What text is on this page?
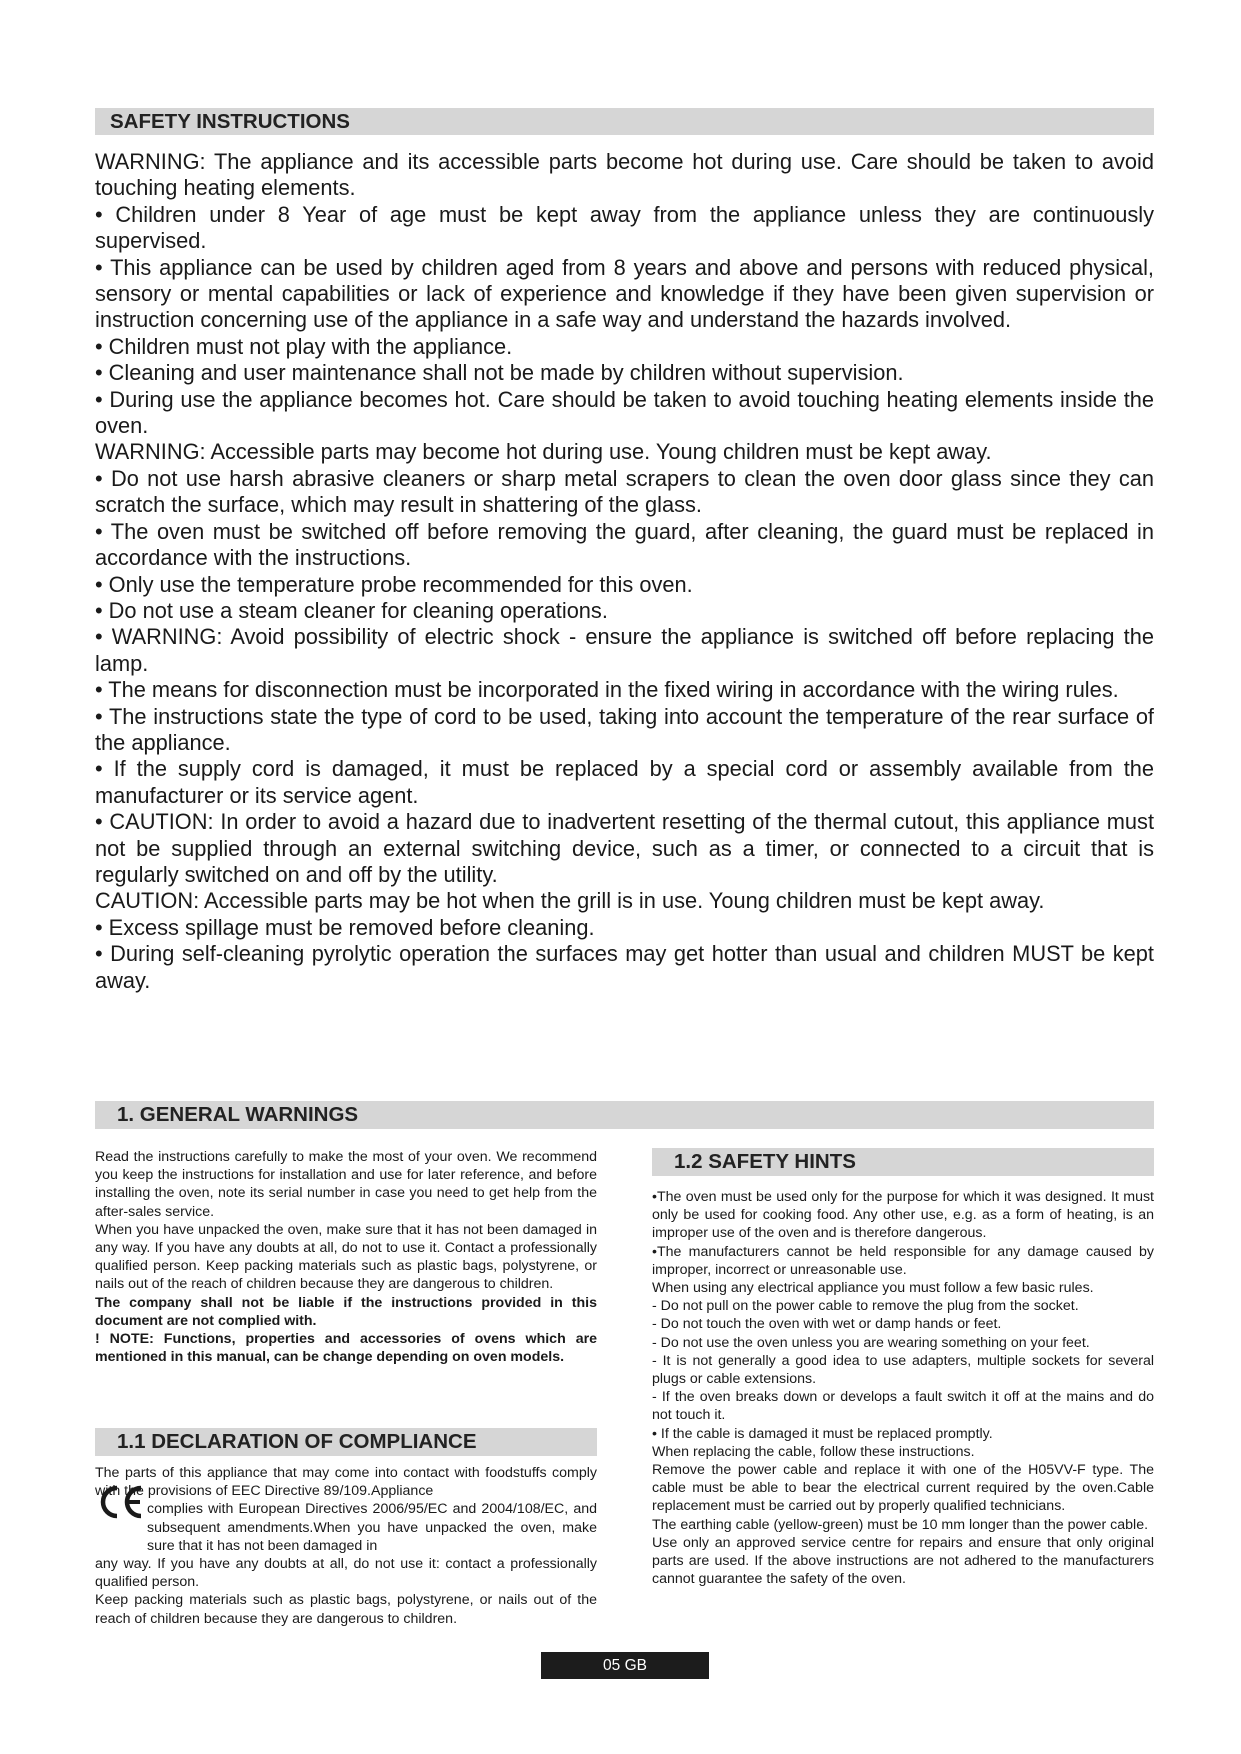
SAFETY INSTRUCTIONS

WARNING: The appliance and its accessible parts become hot during use. Care should be taken to avoid touching heating elements.

• Children under 8 Year of age must be kept away from the appliance unless they are continuously supervised.

• This appliance can be used by children aged from 8 years and above and persons with reduced physical, sensory or mental capabilities or lack of experience and knowledge if they have been given supervision or instruction concerning use of the appliance in a safe way and understand the hazards involved.

• Children must not play with the appliance.

• Cleaning and user maintenance shall not be made by children without supervision.

• During use the appliance becomes hot. Care should be taken to avoid touching heating elements inside the oven.

WARNING: Accessible parts may become hot during use. Young children must be kept away.

• Do not use harsh abrasive cleaners or sharp metal scrapers to clean the oven door glass since they can scratch the surface, which may result in shattering of the glass.

• The oven must be switched off before removing the guard, after cleaning, the guard must be replaced in accordance with the instructions.

• Only use the temperature probe recommended for this oven.

• Do not use a steam cleaner for cleaning operations.

• WARNING: Avoid possibility of electric shock - ensure the appliance is switched off before replacing the lamp.

• The means for disconnection must be incorporated in the fixed wiring in accordance with the wiring rules.

• The instructions state the type of cord to be used, taking into account the temperature of the rear surface of the appliance.

• If the supply cord is damaged, it must be replaced by a special cord or assembly available from the manufacturer or its service agent.

• CAUTION: In order to avoid a hazard due to inadvertent resetting of the thermal cutout, this appliance must not be supplied through an external switching device, such as a timer, or connected to a circuit that is regularly switched on and off by the utility.

CAUTION: Accessible parts may be hot when the grill is in use. Young children must be kept away.

• Excess spillage must be removed before cleaning.

• During self-cleaning pyrolytic operation the surfaces may get hotter than usual and children MUST be kept away.

1. GENERAL WARNINGS

Read the instructions carefully to make the most of your oven. We recommend you keep the instructions for installation and use for later reference, and before installing the oven, note its serial number in case you need to get help from the after-sales service.

When you have unpacked the oven, make sure that it has not been damaged in any way. If you have any doubts at all, do not to use it. Contact a professionally qualified person. Keep packing materials such as plastic bags, polystyrene, or nails out of the reach of children because they are dangerous to children.

The company shall not be liable if the instructions provided in this document are not complied with.

! NOTE: Functions, properties and accessories of ovens which are mentioned in this manual, can be change depending on oven models.

1.1 DECLARATION OF COMPLIANCE

The parts of this appliance that may come into contact with foodstuffs comply with the provisions of EEC Directive 89/109.Appliance

complies with European Directives 2006/95/EC and 2004/108/EC, and subsequent amendments.When you have unpacked the oven, make sure that it has not been damaged in

any way. If you have any doubts at all, do not use it: contact a professionally qualified person.

Keep packing materials such as plastic bags, polystyrene, or nails out of the reach of children because they are dangerous to children.

1.2 SAFETY HINTS

•The oven must be used only for the purpose for which it was designed. It must only be used for cooking food. Any other use, e.g. as a form of heating, is an improper use of the oven and is therefore dangerous.

•The manufacturers cannot be held responsible for any damage caused by improper, incorrect or unreasonable use.

When using any electrical appliance you must follow a few basic rules.

- Do not pull on the power cable to remove the plug from the socket.

- Do not touch the oven with wet or damp hands or feet.

- Do not use the oven unless you are wearing something on your feet.

- It is not generally a good idea to use adapters, multiple sockets for several plugs or cable extensions.

- If the oven breaks down or develops a fault switch it off at the mains and do not touch it.

• If the cable is damaged it must be replaced promptly.

When replacing the cable, follow these instructions.

Remove the power cable and replace it with one of the H05VV-F type. The cable must be able to bear the electrical current required by the oven.Cable replacement must be carried out by properly qualified technicians.

The earthing cable (yellow-green) must be 10 mm longer than the power cable.

Use only an approved service centre for repairs and ensure that only original parts are used. If the above instructions are not adhered to the manufacturers cannot guarantee the safety of the oven.

05 GB
